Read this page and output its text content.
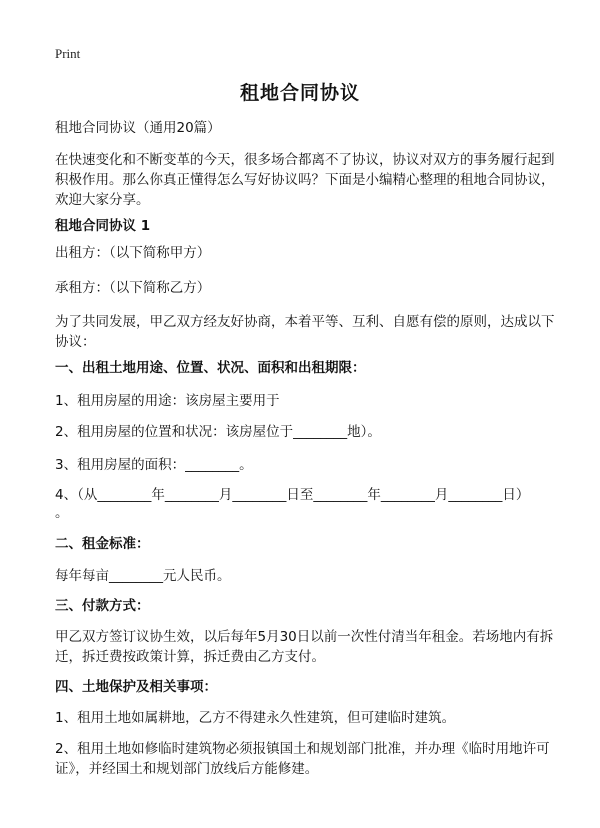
Print
租地合同协议
租地合同协议（通用20篇）
在快速变化和不断变革的今天，很多场合都离不了协议，协议对双方的事务履行起到积极作用。那么你真正懂得怎么写好协议吗？下面是小编精心整理的租地合同协议，欢迎大家分享。
租地合同协议 1
出租方：（以下简称甲方）
承租方：（以下简称乙方）
为了共同发展，甲乙双方经友好协商，本着平等、互利、自愿有偿的原则，达成以下协议：
一、出租土地用途、位置、状况、面积和出租期限：
1、租用房屋的用途：该房屋主要用于
2、租用房屋的位置和状况：该房屋位于________地）。
3、租用房屋的面积：________。
4、（从________年________月________日至________年________月________日）
。
二、租金标准：
每年每亩________元人民币。
三、付款方式：
甲乙双方签订议协生效，以后每年5月30日以前一次性付清当年租金。若场地内有拆迁，拆迁费按政策计算，拆迁费由乙方支付。
四、土地保护及相关事项：
1、租用土地如属耕地，乙方不得建永久性建筑，但可建临时建筑。
2、租用土地如修临时建筑物必须报镇国土和规划部门批准，并办理《临时用地许可证》，并经国土和规划部门放线后方能修建。
